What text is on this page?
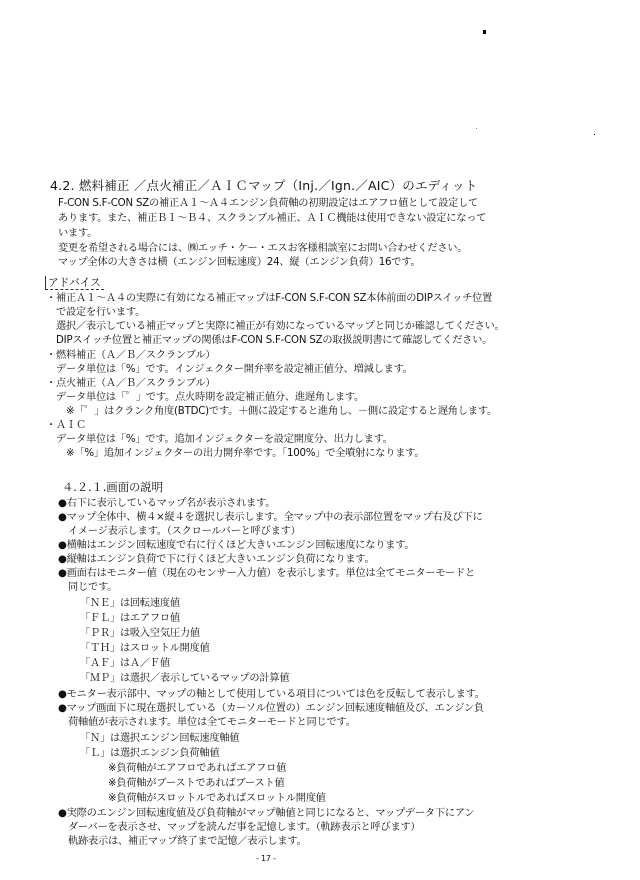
4.2. 燃料補正 ／点火補正／ＡＩＣマップ（Inj.／Ign.／AIC）のエディット
F-CON S.F-CON SZの補正Ａ１～Ａ４エンジン負荷軸の初期設定はエアフロ値として設定して
あります。また、補正Ｂ１～Ｂ４、スクランブル補正、ＡＩＣ機能は使用できない設定になって
います。
変更を希望される場合には、㈱エッチ・ケー・エスお客様相談室にお問い合わせください。
マップ全体の大きさは横（エンジン回転速度）24、縦（エンジン負荷）16です。
アドバイス
・補正Ａ１～Ａ４の実際に有効になる補正マップはF-CON S.F-CON SZ本体前面のDIPスイッチ位置
で設定を行います。
選択／表示している補正マップと実際に補正が有効になっているマップと同じか確認してください。
DIPスイッチ位置と補正マップの関係はF-CON S.F-CON SZの取扱説明書にて確認してください。
・燃料補正（Ａ／Ｂ／スクランブル）
データ単位は「%」です。インジェクター開弁率を設定補正値分、増減します。
・点火補正（Ａ／Ｂ／スクランブル）
データ単位は「゜」です。点火時期を設定補正値分、進遅角します。
※「゜」はクランク角度(BTDC)です。＋側に設定すると進角し、－側に設定すると遅角します。
・ＡＩＣ
データ単位は「%」です。追加インジェクターを設定開度分、出力します。
※「%」追加インジェクターの出力開弁率です。「100%」で全噴射になります。
４.２.１.画面の説明
●右下に表示しているマップ名が表示されます。
●マップ全体中、横４×縦４を選択し表示します。全マップ中の表示部位置をマップ右及び下に
イメージ表示します。（スクロールバーと呼びます）
●横軸はエンジン回転速度で右に行くほど大きいエンジン回転速度になります。
●縦軸はエンジン負荷で下に行くほど大きいエンジン負荷になります。
●画面右はモニター値（現在のセンサー入力値）を表示します。単位は全てモニターモードと
同じです。
「ＮＥ」は回転速度値
「ＦＬ」はエアフロ値
「ＰＲ」は吸入空気圧力値
「ＴＨ」はスロットル開度値
「ＡＦ」はＡ／Ｆ値
「ＭＰ」は選択／表示しているマップの計算値
●モニター表示部中、マップの軸として使用している項目については色を反転して表示します。
●マップ画面下に現在選択している（カーソル位置の）エンジン回転速度軸値及び、エンジン負
荷軸値が表示されます。単位は全てモニターモードと同じです。
「Ｎ」は選択エンジン回転速度軸値
「Ｌ」は選択エンジン負荷軸値
※負荷軸がエアフロであればエアフロ値
※負荷軸がブーストであればブースト値
※負荷軸がスロットルであればスロットル開度値
●実際のエンジン回転速度値及び負荷軸がマップ軸値と同じになると、マップデータ下にアン
ダーバーを表示させ、マップを読んだ事を記憶します。（軌跡表示と呼びます）
軌跡表示は、補正マップ終了まで記憶／表示します。
- 17 -
